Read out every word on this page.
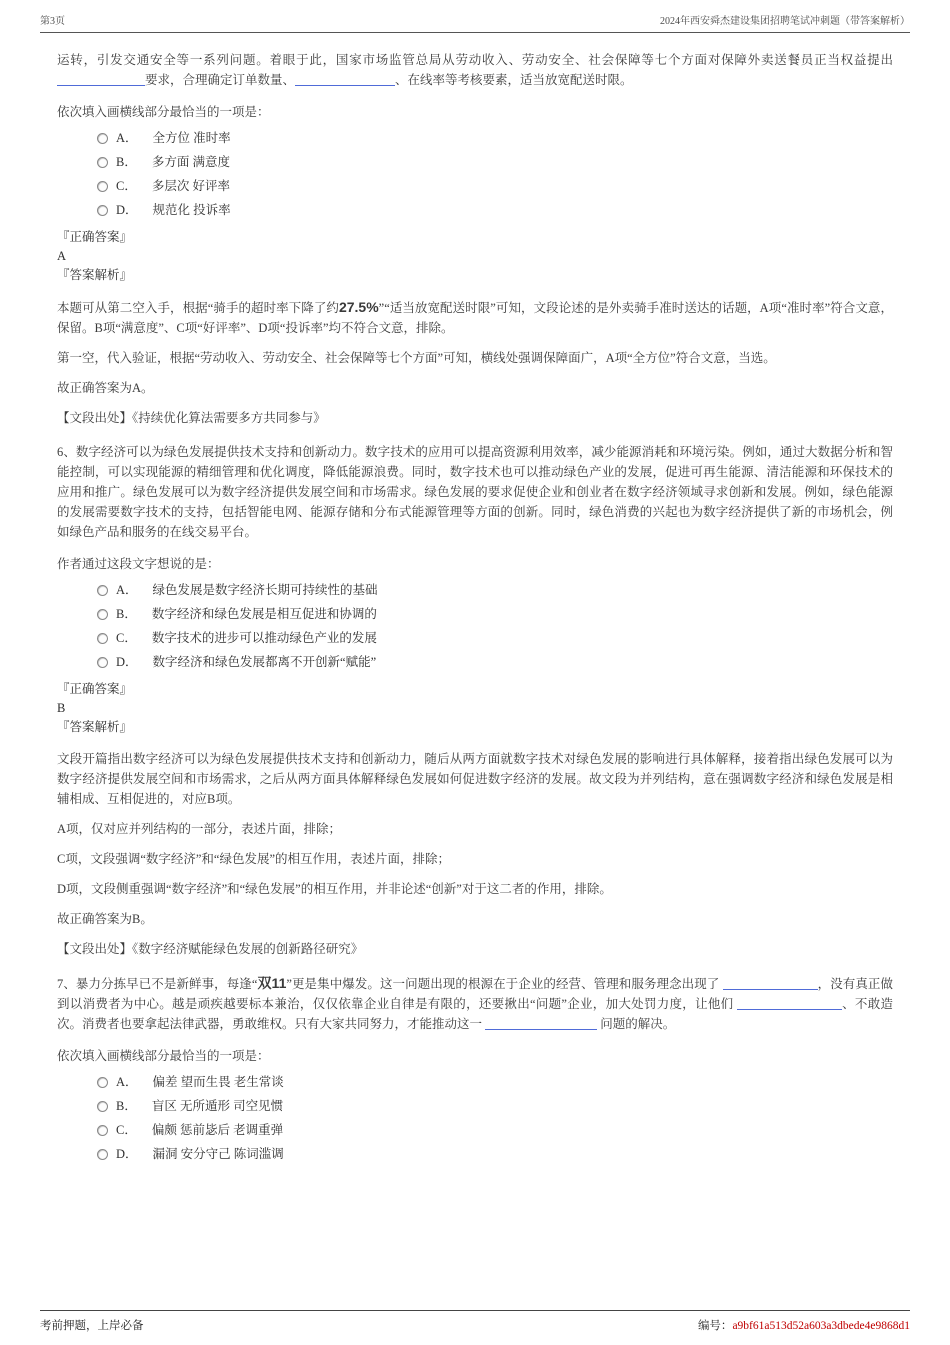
第3页	2024年西安舜杰建设集团招聘笔试冲刺题（带答案解析）

运转，引发交通安全等一系列问题。着眼于此，国家市场监管总局从劳动收入、劳动安全、社会保障等七个方面对保障外卖送餐员正当权益提出要求，合理确定订单数量、	、在线率等考核要素，适当放宽配送时限。

依次填入画横线部分最恰当的一项是：

A． 全方位 准时率
B． 多方面 满意度
C． 多层次 好评率
D． 规范化 投诉率

『正确答案』

A

『答案解析』

本题可从第二空入手，根据“骑手的超时率下降了约27.5%”“适当放宽配送时限”可知，文段论述的是外卖骑手准时送达的话题，A项“准时率”符合文意，保留。B项“满意度”、C项“好评率”、D项“投诉率”均不符合文意，排除。

第一空，代入验证，根据“劳动收入、劳动安全、社会保障等七个方面”可知，横线处强调保障面广，A项“全方位”符合文意，当选。

故正确答案为A。

【文段出处】《持续优化算法需要多方共同参与》

6、数字经济可以为绿色发展提供技术支持和创新动力。数字技术的应用可以提高资源利用效率，减少能源消耗和环境污染。例如，通过大数据分析和智能控制，可以实现能源的精细管理和优化调度，降低能源浪费。同时，数字技术也可以推动绿色产业的发展，促进可再生能源、清洁能源和环保技术的应用和推广。绿色发展可以为数字经济提供发展空间和市场需求。绿色发展的要求促使企业和创业者在数字经济领域寻求创新和发展。例如，绿色能源的发展需要数字技术的支持，包括智能电网、能源存储和分布式能源管理等方面的创新。同时，绿色消费的兴起也为数字经济提供了新的市场机会，例如绿色产品和服务的在线交易平台。

作者通过这段文字想说的是：

A． 绿色发展是数字经济长期可持续性的基础
B． 数字经济和绿色发展是相互促进和协调的
C． 数字技术的进步可以推动绿色产业的发展
D． 数字经济和绿色发展都离不开创新“赋能”

『正确答案』

B

『答案解析』

文段开篇指出数字经济可以为绿色发展提供技术支持和创新动力，随后从两方面就数字技术对绿色发展的影响进行具体解释，接着指出绿色发展可以为数字经济提供发展空间和市场需求，之后从两方面具体解释绿色发展如何促进数字经济的发展。故文段为并列结构，意在强调数字经济和绿色发展是相辅相成、互相促进的，对应B项。

A项，仅对应并列结构的一部分，表述片面，排除；

C项，文段强调“数字经济”和“绿色发展”的相互作用，表述片面，排除；

D项，文段侧重强调“数字经济”和“绿色发展”的相互作用，并非论述“创新”对于这二者的作用，排除。

故正确答案为B。

【文段出处】《数字经济赋能绿色发展的创新路径研究》

7、暴力分拣早已不是新鲜事，每逢“双11”更是集中爆发。这一问题出现的根源在于企业的经营、管理和服务理念出现了	，没有真正做到以消费者为中心。越是顽疾越要标本兼治，仅仅依靠企业自律是有限的，还要揪出“问题”企业，加大处罚力度，让他们	、不敢造次。消费者也要拿起法律武器，勇敢维权。只有大家共同努力，才能推动这一	问题的解决。

依次填入画横线部分最恰当的一项是：

A． 偏差 望而生畏 老生常谈
B． 盲区 无所遁形 司空见惯
C． 偏颇 惩前毖后 老调重弹
D． 漏洞 安分守己 陈词滥调
考前押题，上岸必备	编号：a9bf61a513d52a603a3dbede4e9868d1
